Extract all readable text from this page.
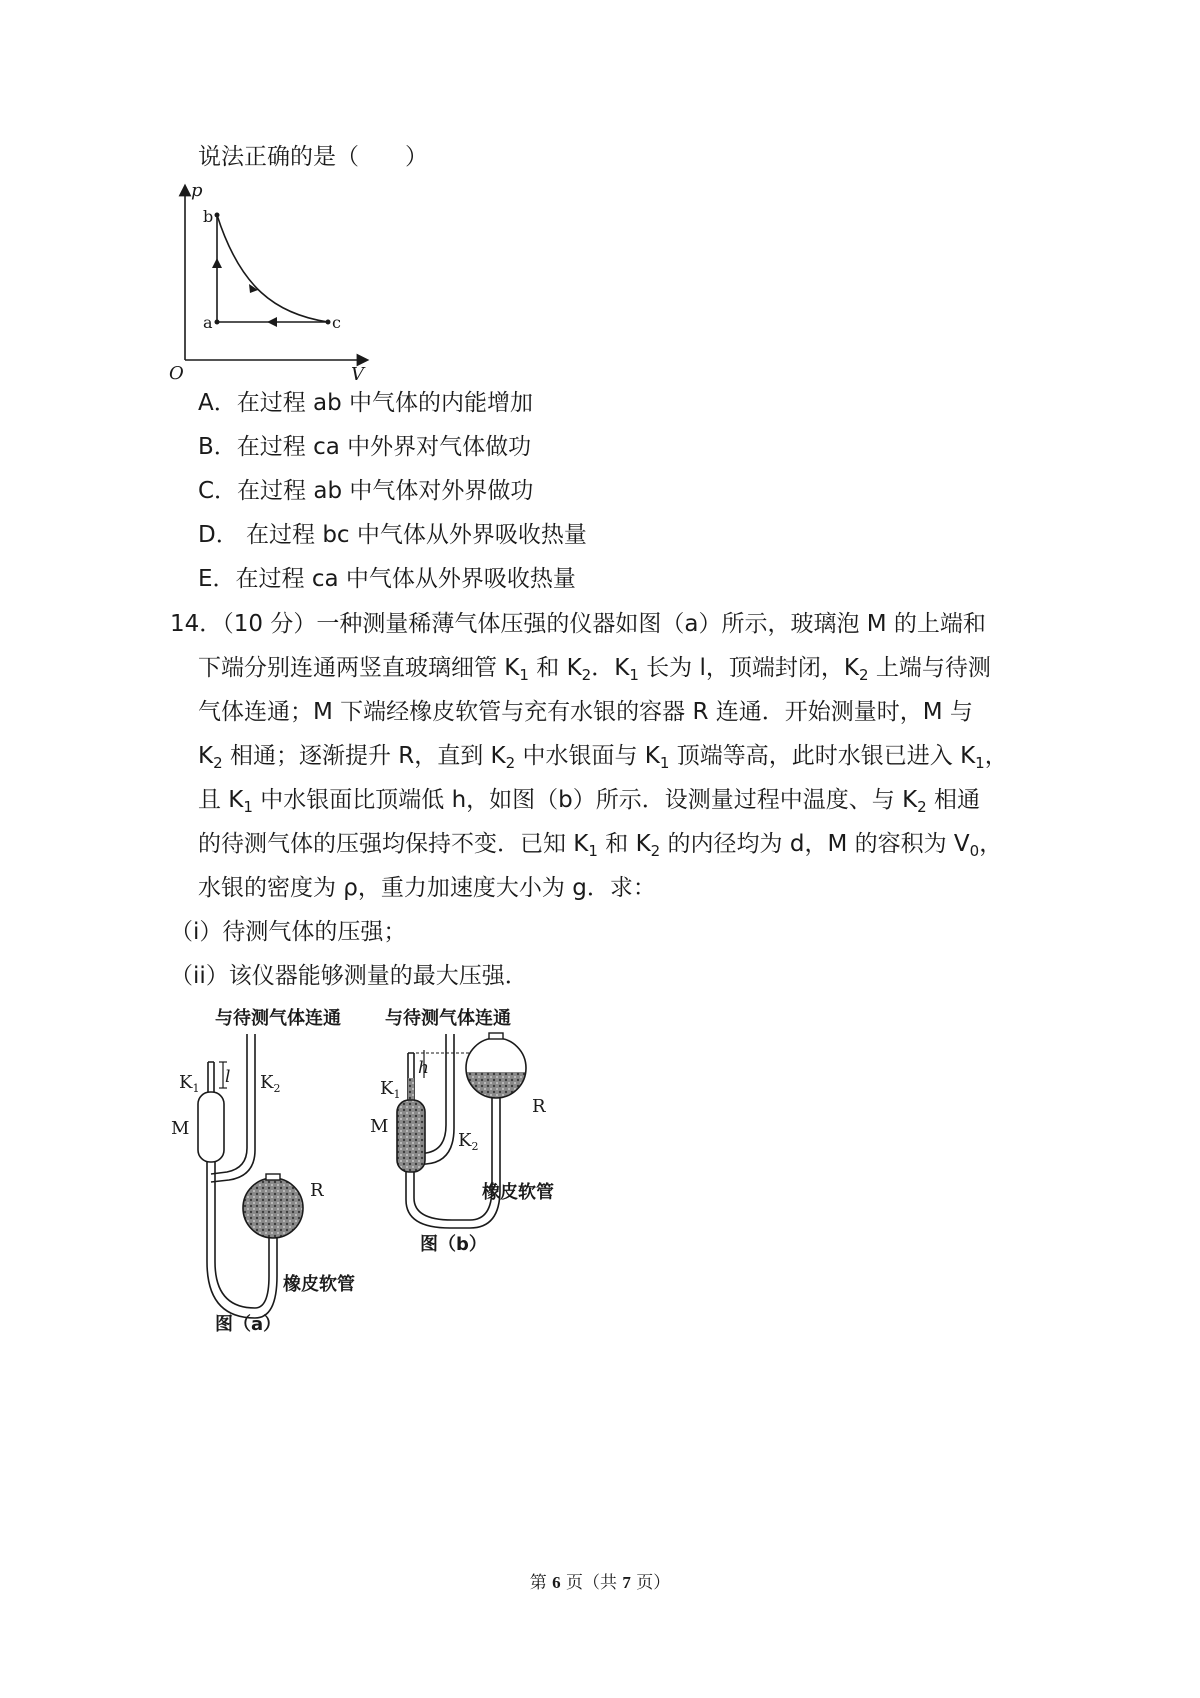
说法正确的是（　　）
p
V
O
a
b
c
A．在过程 ab 中气体的内能增加
B．在过程 ca 中外界对气体做功
C．在过程 ab 中气体对外界做功
D． 在过程 bc 中气体从外界吸收热量
E．在过程 ca 中气体从外界吸收热量
14．（10 分）一种测量稀薄气体压强的仪器如图（a）所示，玻璃泡 M 的上端和
下端分别连通两竖直玻璃细管 $K_1$ 和 $K_2$．$K_1$ 长为 l，顶端封闭，$K_2$ 上端与待测
气体连通；M 下端经橡皮软管与充有水银的容器 R 连通．开始测量时，M 与
$K_2$ 相通；逐渐提升 R，直到 $K_2$ 中水银面与 $K_1$ 顶端等高，此时水银已进入 $K_1$，
且 $K_1$ 中水银面比顶端低 h，如图（b）所示．设测量过程中温度、与 $K_2$ 相通
的待测气体的压强均保持不变．已知 $K_1$ 和 $K_2$ 的内径均为 d，M 的容积为 $V_0$，
水银的密度为 ρ，重力加速度大小为 g．求：
（i）待测气体的压强；
（ii）该仪器能够测量的最大压强．
与待测气体连通
l
$K_1$	$K_2$
M
R
橡皮软管
图（a）
与待测气体连通
h
$K_1$
$K_2$
M
R
橡皮软管
图（b）
第 6 页（共 7 页）
